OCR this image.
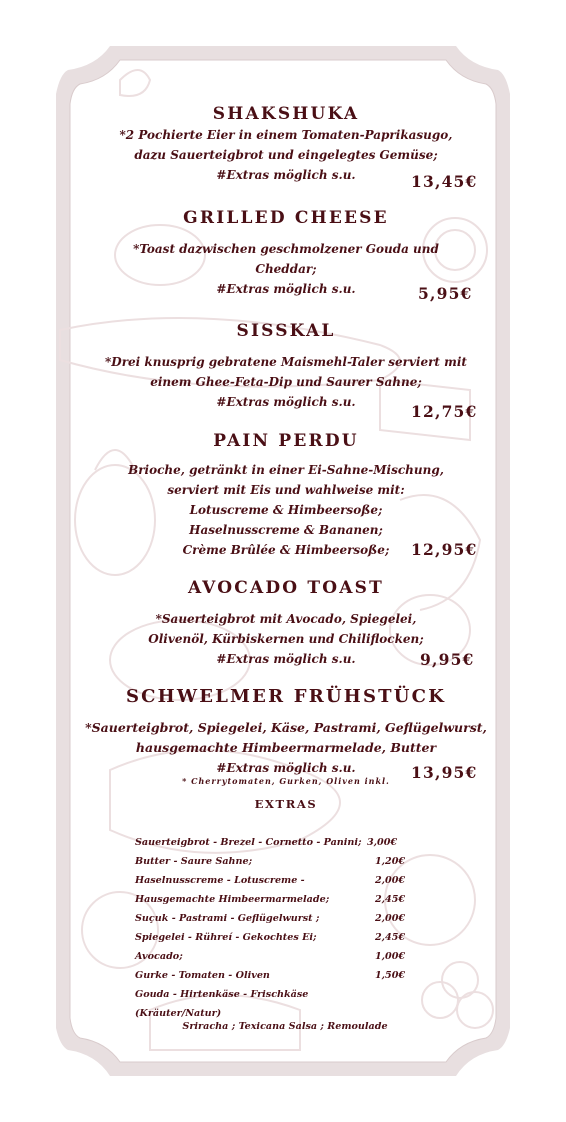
SHAKSHUKA
*2 Pochierte Eier in einem Tomaten-Paprikasugo,
dazu Sauerteigbrot und eingelegtes Gemüse;
#Extras möglich s.u.	13,45€
GRILLED CHEESE
*Toast dazwischen geschmolzener Gouda und
Cheddar;
#Extras möglich s.u.	5,95€
SISSKAL
*Drei knusprig gebratene Maismehl-Taler serviert mit
einem Ghee-Feta-Dip und Saurer Sahne;
#Extras möglich s.u.	12,75€
PAIN PERDU
Brioche, getränkt in einer Ei-Sahne-Mischung,
serviert mit Eis und wahlweise mit:
Lotuscreme & Himbeersoße;
Haselnusscreme & Bananen;
Crème Brûlée & Himbeersoße;	12,95€
AVOCADO TOAST
*Sauerteigbrot mit Avocado, Spiegelei,
Olivenöl, Kürbiskernen und Chiliflocken;
#Extras möglich s.u.	9,95€
SCHWELMER FRÜHSTÜCK
*Sauerteigbrot, Spiegelei, Käse, Pastrami, Geflügelwurst,
hausgemachte Himbeermarmelade, Butter
#Extras möglich s.u.
* Cherrytomaten, Gurken, Oliven inkl.	13,95€
EXTRAS
Sauerteigbrot - Brezel - Cornetto - Panini; 3,00€
Butter - Saure Sahne;	1,20€
Haselnusscreme - Lotuscreme -	2,00€
Hausgemachte Himbeermarmelade;	2,45€
Suçuk - Pastrami - Geflügelwurst ;	2,00€
Spiegelei - Rühreí - Gekochtes Ei;	2,45€
Avocado;	1,00€
Gurke - Tomaten - Oliven	1,50€
Gouda - Hirtenkäse - Frischkäse
(Kräuter/Natur)
Sriracha ; Texicana Salsa ; Remoulade
